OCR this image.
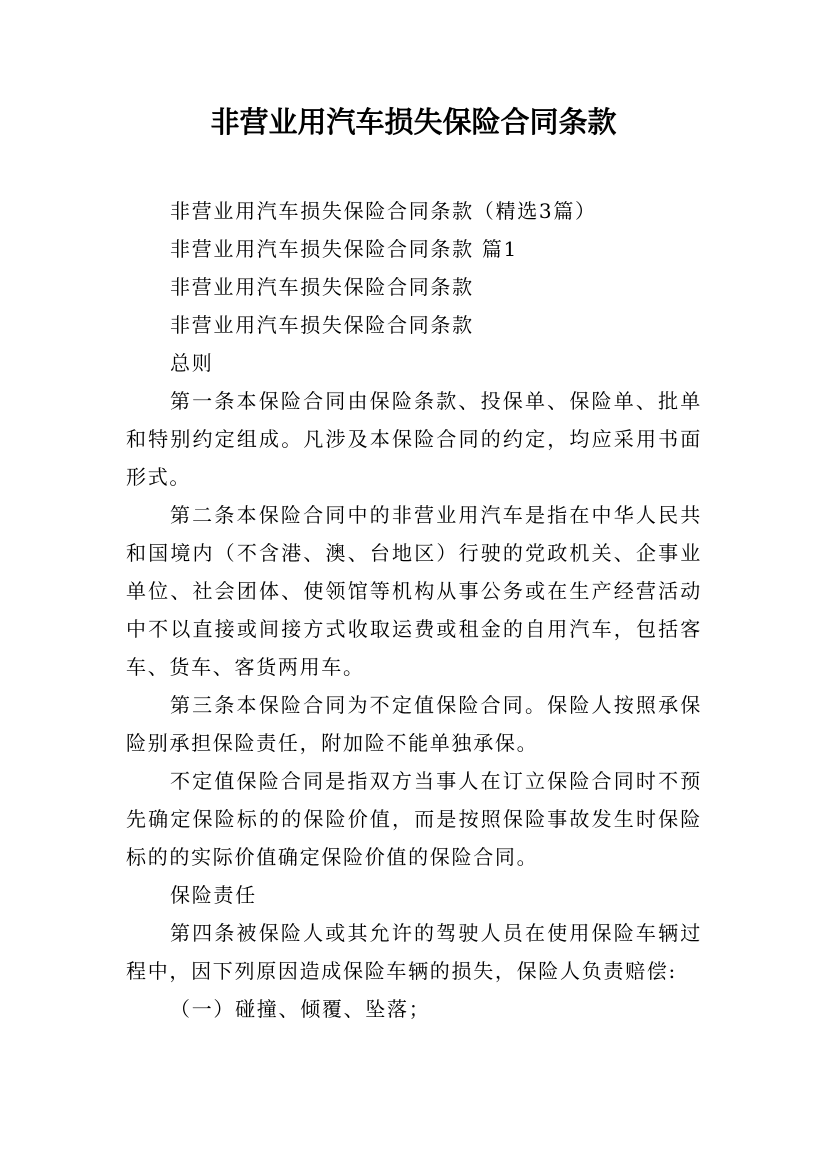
非营业用汽车损失保险合同条款

非营业用汽车损失保险合同条款（精选3篇）

非营业用汽车损失保险合同条款 篇1

非营业用汽车损失保险合同条款

非营业用汽车损失保险合同条款

总则

第一条本保险合同由保险条款、投保单、保险单、批单和特别约定组成。凡涉及本保险合同的约定，均应采用书面形式。

第二条本保险合同中的非营业用汽车是指在中华人民共和国境内（不含港、澳、台地区）行驶的党政机关、企事业单位、社会团体、使领馆等机构从事公务或在生产经营活动中不以直接或间接方式收取运费或租金的自用汽车，包括客车、货车、客货两用车。

第三条本保险合同为不定值保险合同。保险人按照承保险别承担保险责任，附加险不能单独承保。

不定值保险合同是指双方当事人在订立保险合同时不预先确定保险标的的保险价值，而是按照保险事故发生时保险标的的实际价值确定保险价值的保险合同。

保险责任

第四条被保险人或其允许的驾驶人员在使用保险车辆过程中，因下列原因造成保险车辆的损失，保险人负责赔偿:

（一）碰撞、倾覆、坠落；
